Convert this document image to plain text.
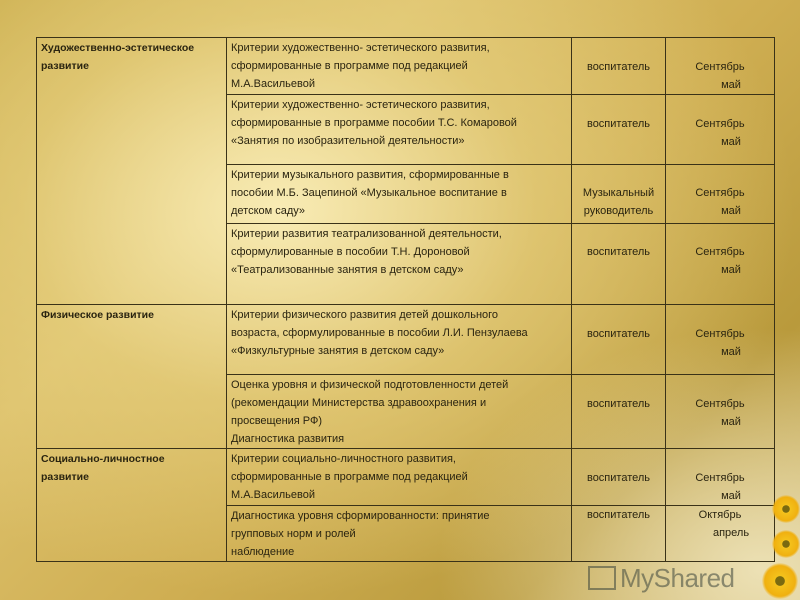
Художественно-эстетическое
развитие	Критерии художественно- эстетического развития,
сформированные в программе под редакцией
М.А.Васильевой	воспитатель	Сентябрь
май

	Критерии художественно- эстетического развития,
сформированные в программе пособии Т.С. Комаровой
«Занятия по изобразительной деятельности»	воспитатель	Сентябрь
май

	Критерии музыкального развития, сформированные в
пособии М.Б. Зацепиной «Музыкальное воспитание в
детском саду»	Музыкальный
руководитель	Сентябрь
май

	Критерии развития театрализованной деятельности,
сформулированные в пособии Т.Н. Дороновой
«Театрализованные занятия в детском саду»	воспитатель	Сентябрь
май

Физическое развитие	Критерии физического развития детей дошкольного
возраста, сформулированные в пособии Л.И. Пензулаева
«Физкультурные занятия в детском саду»	воспитатель	Сентябрь
май

	Оценка уровня и физической подготовленности детей
(рекомендации Министерства здравоохранения и
просвещения РФ)
Диагностика развития	воспитатель	Сентябрь
май

Социально-личностное
развитие	Критерии социально-личностного развития,
сформированные в программе под редакцией
М.А.Васильевой	воспитатель	Сентябрь
май

	Диагностика уровня сформированности: принятие
групповых норм и ролей
наблюдение	воспитатель	Октябрь
апрель
MyShared
